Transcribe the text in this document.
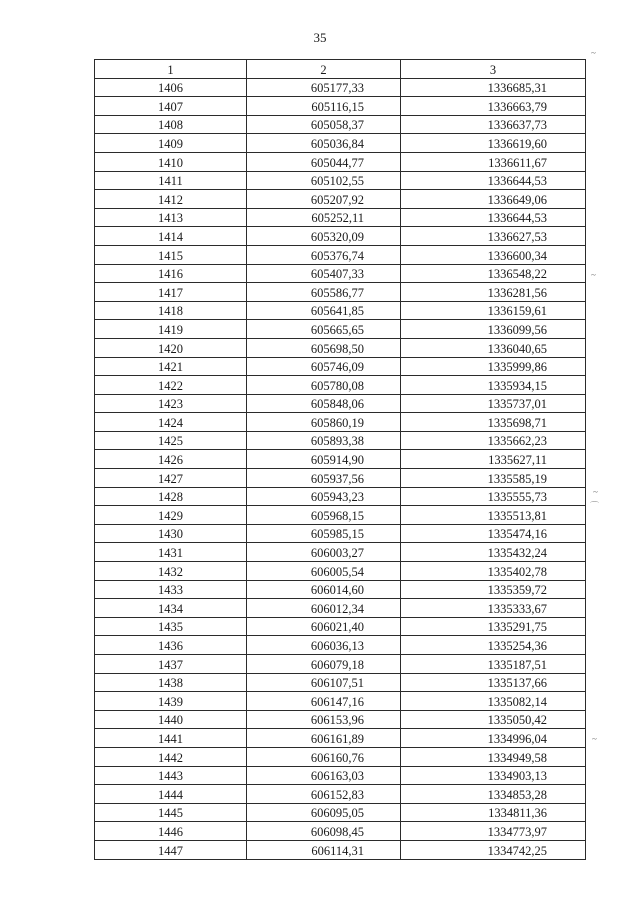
35
~
~
~
⌒
~
1	2	3
1406	605177,33	1336685,31
1407	605116,15	1336663,79
1408	605058,37	1336637,73
1409	605036,84	1336619,60
1410	605044,77	1336611,67
1411	605102,55	1336644,53
1412	605207,92	1336649,06
1413	605252,11	1336644,53
1414	605320,09	1336627,53
1415	605376,74	1336600,34
1416	605407,33	1336548,22
1417	605586,77	1336281,56
1418	605641,85	1336159,61
1419	605665,65	1336099,56
1420	605698,50	1336040,65
1421	605746,09	1335999,86
1422	605780,08	1335934,15
1423	605848,06	1335737,01
1424	605860,19	1335698,71
1425	605893,38	1335662,23
1426	605914,90	1335627,11
1427	605937,56	1335585,19
1428	605943,23	1335555,73
1429	605968,15	1335513,81
1430	605985,15	1335474,16
1431	606003,27	1335432,24
1432	606005,54	1335402,78
1433	606014,60	1335359,72
1434	606012,34	1335333,67
1435	606021,40	1335291,75
1436	606036,13	1335254,36
1437	606079,18	1335187,51
1438	606107,51	1335137,66
1439	606147,16	1335082,14
1440	606153,96	1335050,42
1441	606161,89	1334996,04
1442	606160,76	1334949,58
1443	606163,03	1334903,13
1444	606152,83	1334853,28
1445	606095,05	1334811,36
1446	606098,45	1334773,97
1447	606114,31	1334742,25
